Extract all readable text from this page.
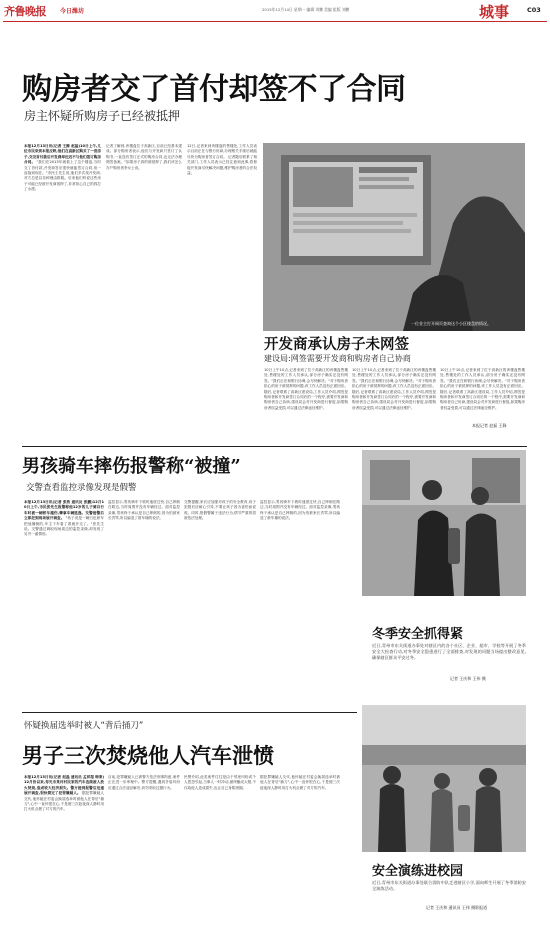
齐鲁晚报 今日潍坊	2015年12月14日 星期一 编辑 刘鹏 美编 组版 刘鹏	城事	C03
购房者交了首付却签不了合同
房主怀疑所购房子已经被抵押
本报12月13日讯(记者 王錄 赵磊)10日上午,几位市民来到本报反映,他们在高新区购买了一套房子,交完首付款后开发商却迟迟不与他们签订购房合同。 "我们在2013年就看上了这个楼盘,当时交了首付款,开发商答应很快就能签订合同,但一直拖到现在。"市民王先生说,他们多次找开发商,对方总是以各种理由推脱。后来他们听说这些房子可能已经被开发商抵押了,非常担心自己的钱打了水漂。
记者了解到,该楼盘位于高新区,目前已经基本建成。部分购房者表示,他们与开发商只签订了认购书,一直没有签订正式的购房合同,也无法办理网签备案。"如果房子真的被抵押了,我们该怎么办?"购房者李女士说。
12日,记者来到该楼盘的售楼处,工作人员表示目前正在与银行协商,办理相关手续后就能尽快为购房者签订合同。 记者随后联系了相关部门,工作人员表示已经注意到此事,将督促开发商尽快解决问题,维护购房者的合法权益。
一位业主打开网页查询这个小区楼盘的情况。
开发商承认房子未网签
建设局:网签需要开发商和购房者自己协商
10日上午10点,记者来到了位于高新区的该楼盘售楼处,售楼处的工作人员承认,部分房子确实还没有网签。"我们正在和银行协调,会尽快解决。"对于购房者担心的房子被抵押的问题,该工作人员没有正面回应。随后,记者联系了高新区建设局,工作人员介绍,网签是购房者和开发商签订合同后的一个程序,需要开发商和购房者自己协商,建设局会对开发商进行督促,如果购房者权益受损,可以通过法律途径维护。
10日上午10点,记者来到了位于高新区的该楼盘售楼处,售楼处的工作人员承认,部分房子确实还没有网签。"我们正在和银行协调,会尽快解决。"对于购房者担心的房子被抵押的问题,该工作人员没有正面回应。随后,记者联系了高新区建设局,工作人员介绍,网签是购房者和开发商签订合同后的一个程序,需要开发商和购房者自己协商,建设局会对开发商进行督促,如果购房者权益受损,可以通过法律途径维护。
10日上午10点,记者来到了位于高新区的该楼盘售楼处,售楼处的工作人员承认,部分房子确实还没有网签。"我们正在和银行协调,会尽快解决。"对于购房者担心的房子被抵押的问题,该工作人员没有正面回应。随后,记者联系了高新区建设局,工作人员介绍,网签是购房者和开发商签订合同后的一个程序,需要开发商和购房者自己协商,建设局会对开发商进行督促,如果购房者权益受损,可以通过法律途径维护。
本报记者 赵磊 王錄
男孩骑车摔伤报警称“被撞”
交警查看监控录像发现是假警
本报12月13日讯(记者 张浩 通讯员 张鹏)12月10日上午,市民张先生报警称他12岁的儿子骑自行车时被一辆轿车撞伤,肇事车辆逃逸。交警接警后立即赶到现场展开调查。 "孩子说是一辆白色轿车把他撞倒的,车主下车看了看就开走了。"张先生说。交警通过调取现场周边的监控录像,却发现了另外一番情形。
监控显示,男孩骑车下坡时速度过快,自己摔倒在路边,当时周围并没有车辆经过。面对监控录像,男孩终于承认是自己摔倒的,因为怕被家长责骂,所以编造了被车撞的说法。
交警提醒,家长应加强对孩子的安全教育,孩子犯错后应耐心引导,不要让孩子因为害怕而说谎。同时,报假警属于违法行为,情节严重的将被依法处理。
监控显示,男孩骑车下坡时速度过快,自己摔倒在路边,当时周围并没有车辆经过。面对监控录像,男孩终于承认是自己摔倒的,因为怕被家长责骂,所以编造了被车撞的说法。
冬季安全抓得紧
近日,青州市东关街道办事处对辖区内的各个社区、企业、超市、学校等开展了冬季安全大检查行动,对冬季安全隐患进行了全面排查,对发现的问题当场提出整改意见,确保辖区群众平安过冬。
记者 王庆和 王伟 摄
怀疑换届选举时被人“背后捅刀”
男子三次焚烧他人汽车泄愤
本报12月13日讯(记者 赵磊 通讯员 孟祥超 韩秉)12月份以来,寿光市某村村民家的汽车连续被人放火焚烧,造成较大经济损失。警方接到报警后迅速展开调查,很快锁定了犯罪嫌疑人。 据犯罪嫌疑人交代,他怀疑在村委会换届选举时被他人在背后"捅刀",心中一直怀恨在心,于是便三次趁夜深人静时用打火机点燃了对方的汽车。
目前,犯罪嫌疑人已被警方依法刑事拘留,案件正在进一步审理中。警方提醒,遇到矛盾纠纷应通过合法途径解决,切勿采取过激行为。
民警介绍,此类案件往往是由于邻里纠纷或个人恩怨引起,当事人一时冲动,最终酿成大错,不仅给他人造成损失,也让自己身陷囹圄。
据犯罪嫌疑人交代,他怀疑在村委会换届选举时被他人在背后"捅刀",心中一直怀恨在心,于是便三次趁夜深人静时用打火机点燃了对方的汽车。
安全演练进校园
近日,青州市东关街道办事处联合消防中队走进辖区小学,面向师生开展了冬季消防安全演练活动。
记者 王庆和 通讯员 王伟 摄影报道
